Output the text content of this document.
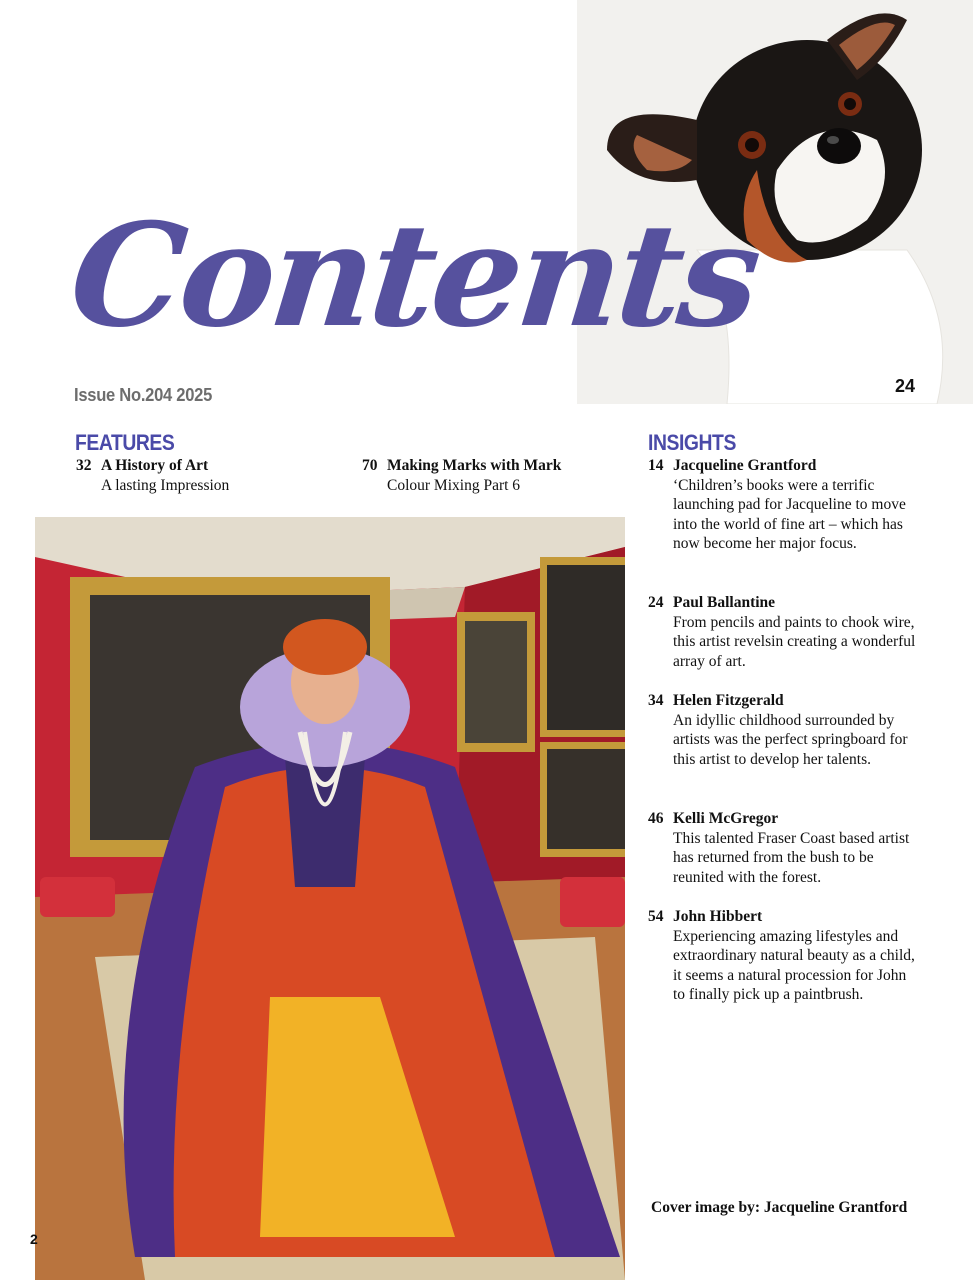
24
Contents
Issue No.204 2025
FEATURES
32 A History of Art
A lasting Impression
70 Making Marks with Mark
Colour Mixing Part 6
INSIGHTS
14 Jacqueline Grantford
‘Children’s books were a terrific launching pad for Jacqueline to move into the world of fine art – which has now become her major focus.
24 Paul Ballantine
From pencils and paints to chook wire, this artist revelsin creating a wonderful array of art.
34 Helen Fitzgerald
An idyllic childhood surrounded by artists was the perfect springboard for this artist to develop her talents.
46 Kelli McGregor
This talented Fraser Coast based artist has returned from the bush to be reunited with the forest.
54 John Hibbert
Experiencing amazing lifestyles and extraordinary natural beauty as a child, it seems a natural procession for John to finally pick up a paintbrush.
Cover image by: Jacqueline Grantford
2
